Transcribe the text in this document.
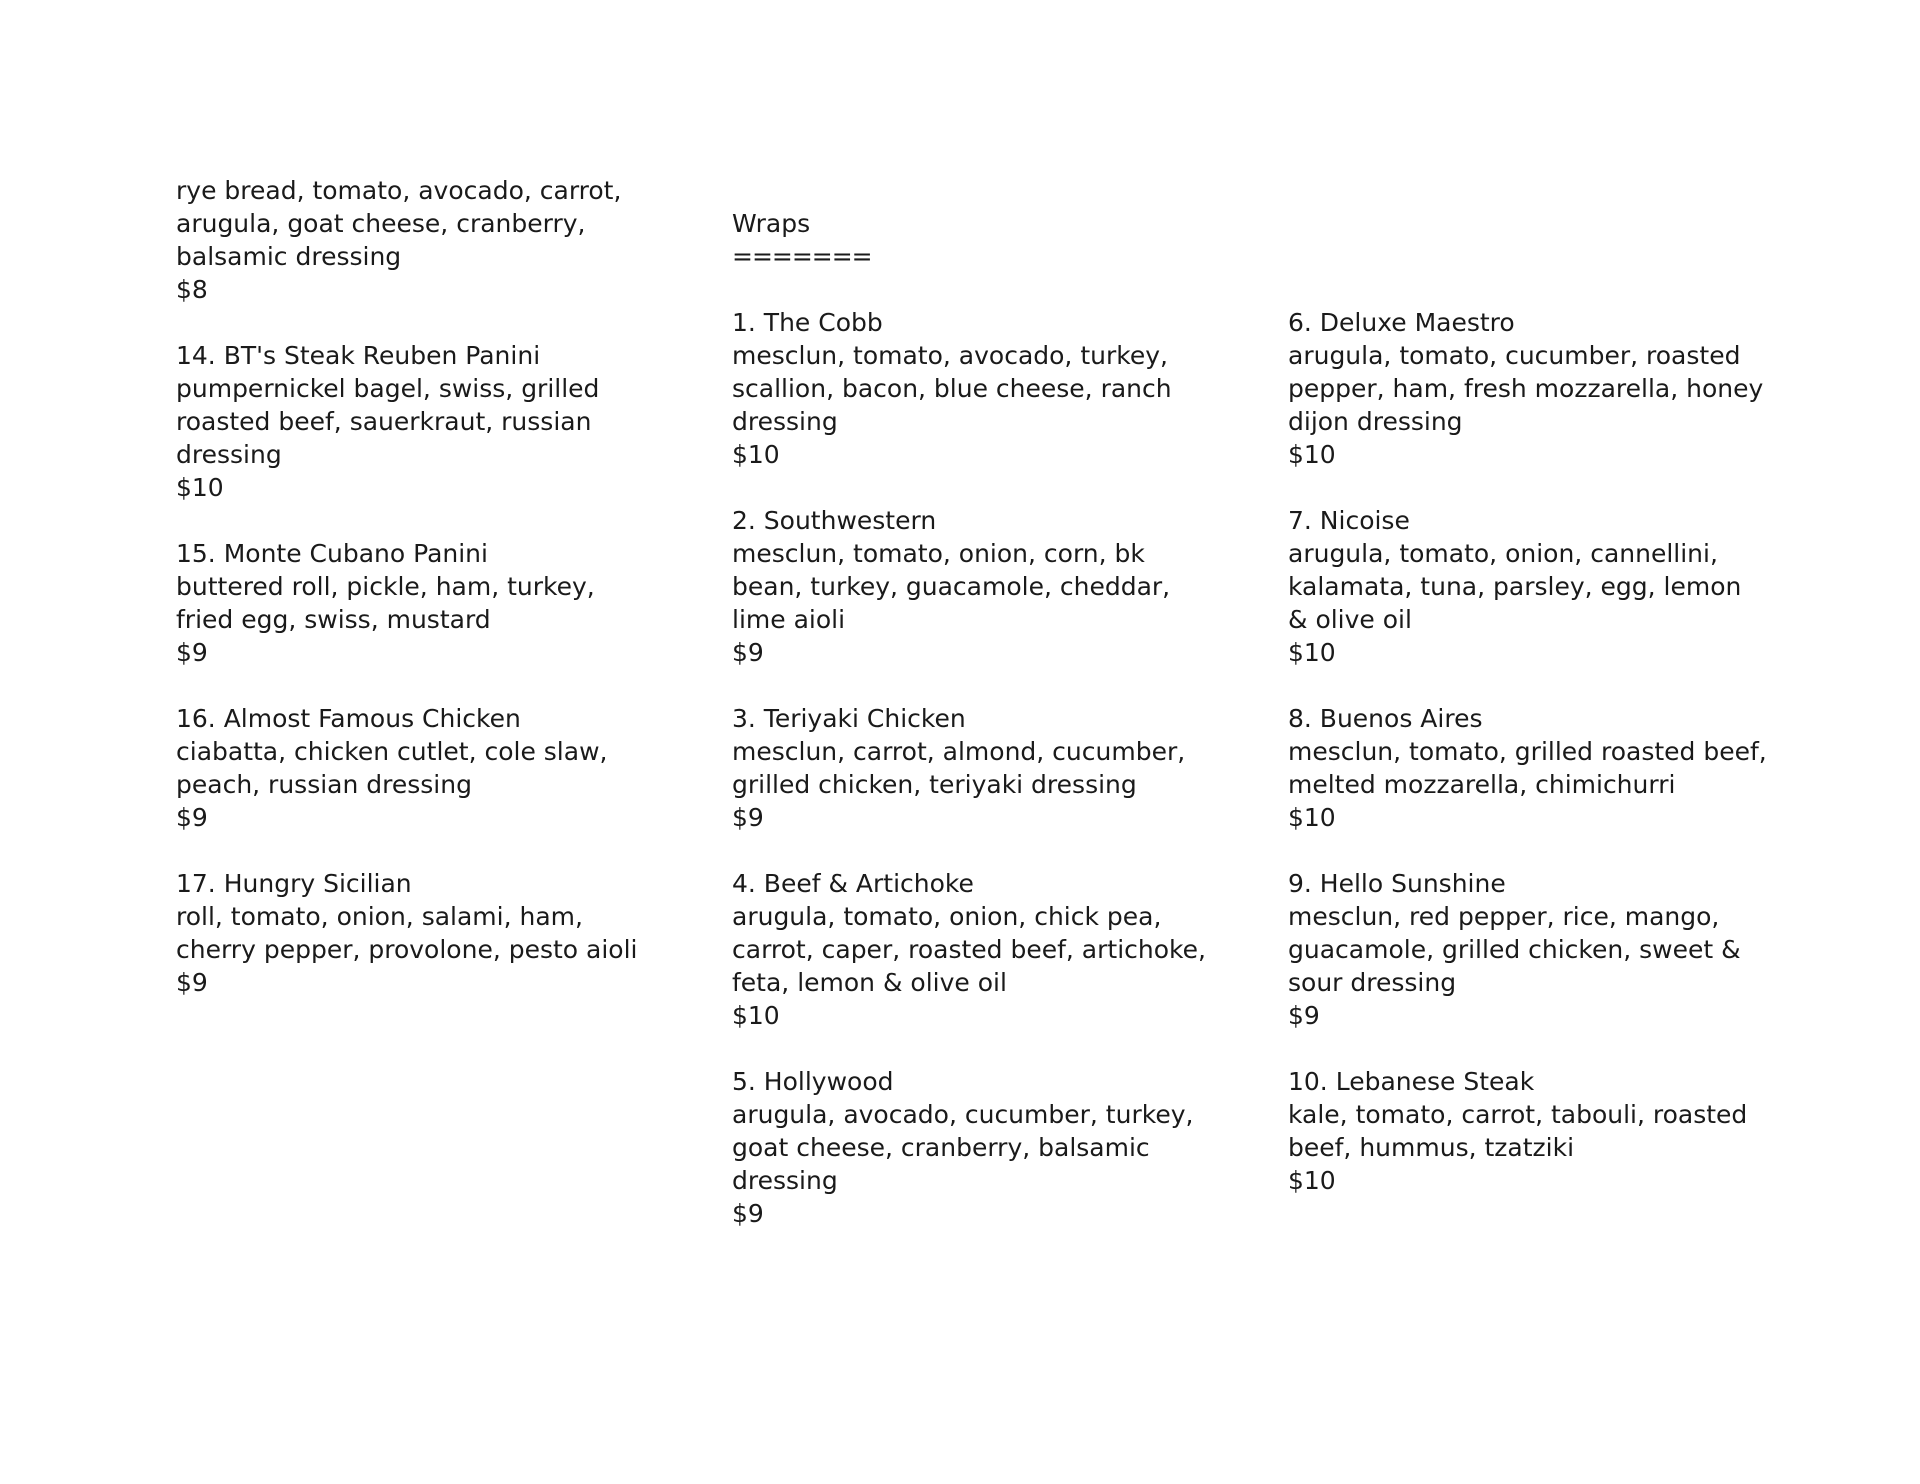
rye bread, tomato, avocado, carrot, arugula, goat cheese, cranberry, balsamic dressing
$8
14. BT's Steak Reuben Panini
pumpernickel bagel, swiss, grilled roasted beef, sauerkraut, russian dressing
$10
15. Monte Cubano Panini
buttered roll, pickle, ham, turkey, fried egg, swiss, mustard
$9
16. Almost Famous Chicken
ciabatta, chicken cutlet, cole slaw, peach, russian dressing
$9
17. Hungry Sicilian
roll, tomato, onion, salami, ham, cherry pepper, provolone, pesto aioli
$9
Wraps
=======
1. The Cobb
mesclun, tomato, avocado, turkey, scallion, bacon, blue cheese, ranch dressing
$10
2. Southwestern
mesclun, tomato, onion, corn, bk bean, turkey, guacamole, cheddar, lime aioli
$9
3. Teriyaki Chicken
mesclun, carrot, almond, cucumber, grilled chicken, teriyaki dressing
$9
4. Beef & Artichoke
arugula, tomato, onion, chick pea, carrot, caper, roasted beef, artichoke, feta, lemon & olive oil
$10
5. Hollywood
arugula, avocado, cucumber, turkey, goat cheese, cranberry, balsamic dressing
$9
6. Deluxe Maestro
arugula, tomato, cucumber, roasted pepper, ham, fresh mozzarella, honey dijon dressing
$10
7. Nicoise
arugula, tomato, onion, cannellini, kalamata, tuna, parsley, egg, lemon & olive oil
$10
8. Buenos Aires
mesclun, tomato, grilled roasted beef, melted mozzarella, chimichurri
$10
9. Hello Sunshine
mesclun, red pepper, rice, mango, guacamole, grilled chicken, sweet & sour dressing
$9
10. Lebanese Steak
kale, tomato, carrot, tabouli, roasted beef, hummus, tzatziki
$10
